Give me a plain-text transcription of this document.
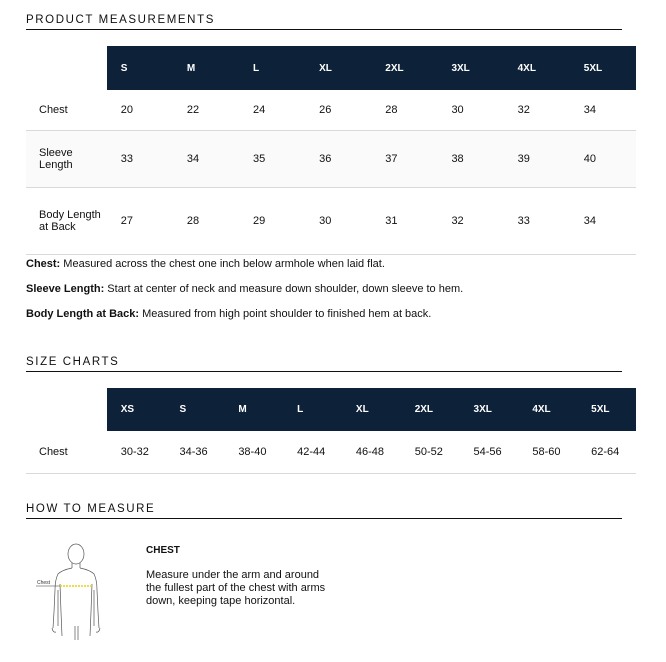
PRODUCT MEASUREMENTS
	S	M	L	XL	2XL	3XL	4XL	5XL
Chest	20	22	24	26	28	30	32	34
Sleeve Length	33	34	35	36	37	38	39	40
Body Length at Back	27	28	29	30	31	32	33	34

Chest: Measured across the chest one inch below armhole when laid flat.

Sleeve Length: Start at center of neck and measure down shoulder, down sleeve to hem.

Body Length at Back: Measured from high point shoulder to finished hem at back.

SIZE CHARTS
	XS	S	M	L	XL	2XL	3XL	4XL	5XL
Chest	30-32	34-36	38-40	42-44	46-48	50-52	54-56	58-60	62-64
HOW TO MEASURE
Chest
CHEST
Measure under the arm and around the fullest part of the chest with arms down, keeping tape horizontal.
